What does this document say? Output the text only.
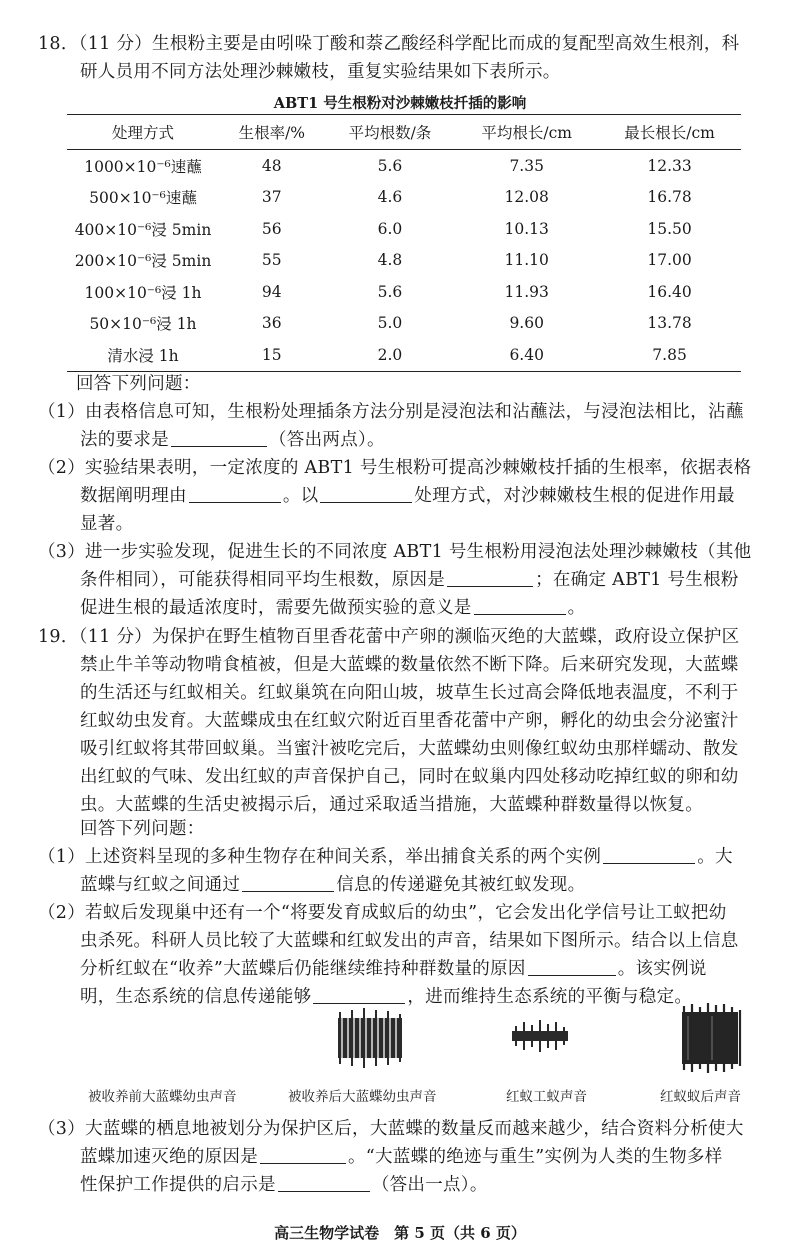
18．（11 分）生根粉主要是由吲哚丁酸和萘乙酸经科学配比而成的复配型高效生根剂，科
研人员用不同方法处理沙棘嫩枝，重复实验结果如下表所示。
ABT1 号生根粉对沙棘嫩枝扦插的影响
处理方式	生根率/%	平均根数/条	平均根长/cm	最长根长/cm
1000×10⁻⁶速蘸	48	5.6	7.35	12.33
500×10⁻⁶速蘸	37	4.6	12.08	16.78
400×10⁻⁶浸 5min	56	6.0	10.13	15.50
200×10⁻⁶浸 5min	55	4.8	11.10	17.00
100×10⁻⁶浸 1h	94	5.6	11.93	16.40
50×10⁻⁶浸 1h	36	5.0	9.60	13.78
清水浸 1h	15	2.0	6.40	7.85
回答下列问题：
（1）由表格信息可知，生根粉处理插条方法分别是浸泡法和沾蘸法，与浸泡法相比，沾蘸
法的要求是	（答出两点）。
（2）实验结果表明，一定浓度的 ABT1 号生根粉可提高沙棘嫩枝扦插的生根率，依据表格
数据阐明理由	。以	处理方式，对沙棘嫩枝生根的促进作用最
显著。
（3）进一步实验发现，促进生长的不同浓度 ABT1 号生根粉用浸泡法处理沙棘嫩枝（其他
条件相同），可能获得相同平均生根数，原因是	；在确定 ABT1 号生根粉
促进生根的最适浓度时，需要先做预实验的意义是	。
19．（11 分）为保护在野生植物百里香花蕾中产卵的濒临灭绝的大蓝蝶，政府设立保护区
禁止牛羊等动物啃食植被，但是大蓝蝶的数量依然不断下降。后来研究发现，大蓝蝶
的生活还与红蚁相关。红蚁巢筑在向阳山坡，坡草生长过高会降低地表温度，不利于
红蚁幼虫发育。大蓝蝶成虫在红蚁穴附近百里香花蕾中产卵，孵化的幼虫会分泌蜜汁
吸引红蚁将其带回蚁巢。当蜜汁被吃完后，大蓝蝶幼虫则像红蚁幼虫那样蠕动、散发
出红蚁的气味、发出红蚁的声音保护自己，同时在蚁巢内四处移动吃掉红蚁的卵和幼
虫。大蓝蝶的生活史被揭示后，通过采取适当措施，大蓝蝶种群数量得以恢复。
回答下列问题：
（1）上述资料呈现的多种生物存在种间关系，举出捕食关系的两个实例	。大
蓝蝶与红蚁之间通过	信息的传递避免其被红蚁发现。
（2）若蚁后发现巢中还有一个“将要发育成蚁后的幼虫”，它会发出化学信号让工蚁把幼
虫杀死。科研人员比较了大蓝蝶和红蚁发出的声音，结果如下图所示。结合以上信息
分析红蚁在“收养”大蓝蝶后仍能继续维持种群数量的原因	。该实例说
明，生态系统的信息传递能够	，进而维持生态系统的平衡与稳定。
被收养前大蓝蝶幼虫声音	被收养后大蓝蝶幼虫声音	红蚁工蚁声音	红蚁蚁后声音
（3）大蓝蝶的栖息地被划分为保护区后，大蓝蝶的数量反而越来越少，结合资料分析使大
蓝蝶加速灭绝的原因是	。“大蓝蝶的绝迹与重生”实例为人类的生物多样
性保护工作提供的启示是	（答出一点）。
高三生物学试卷　第 5 页（共 6 页）
